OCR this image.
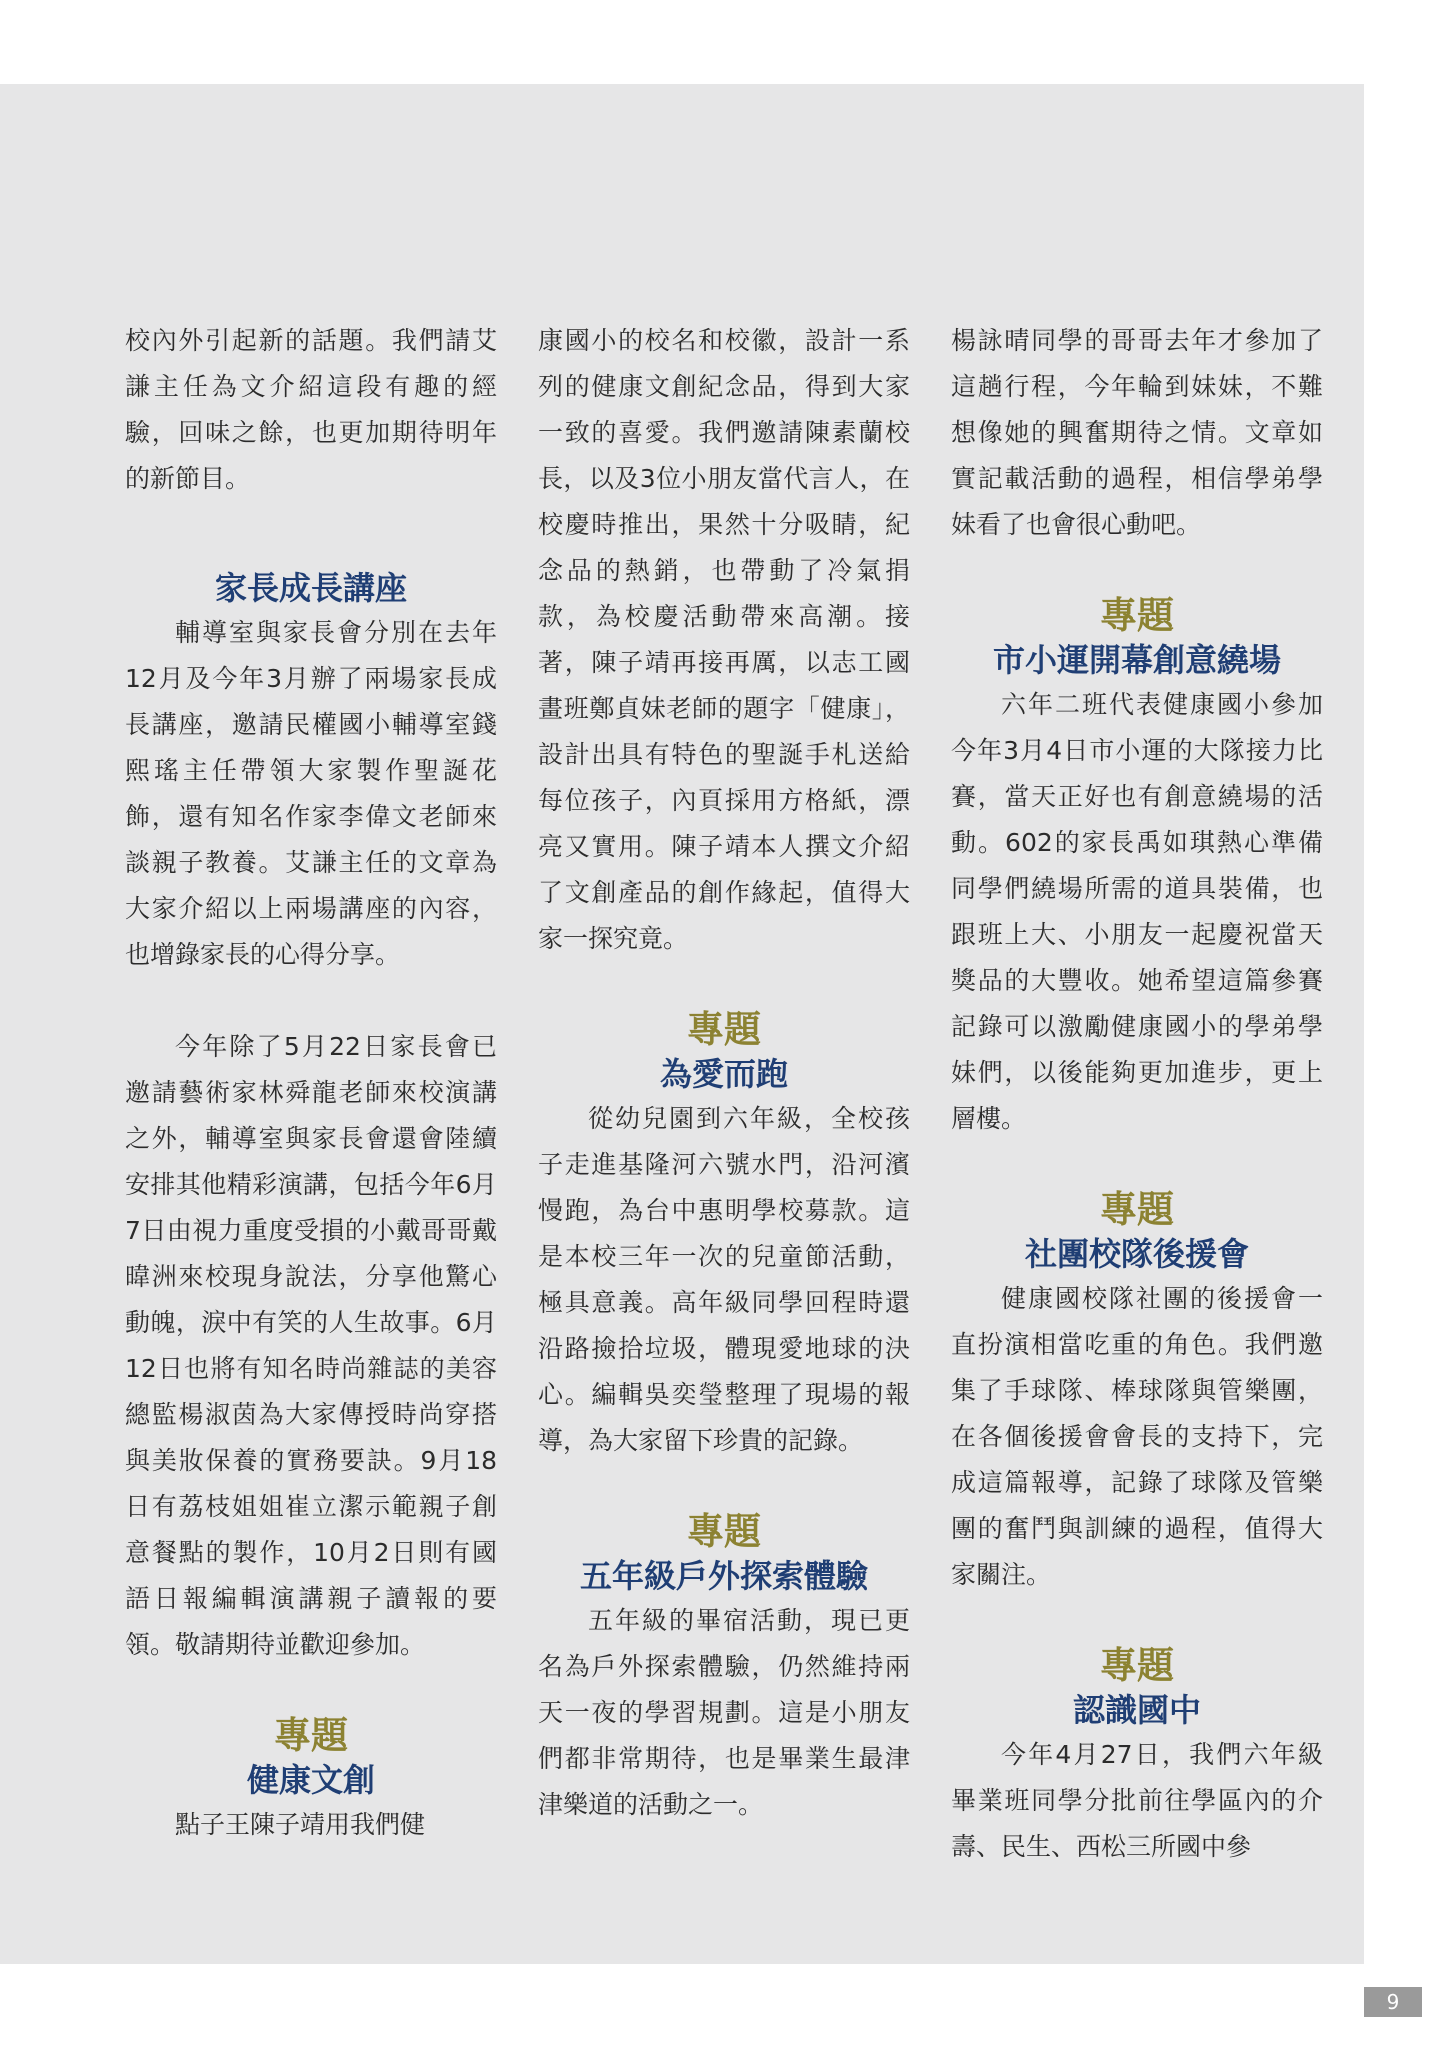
校內外引起新的話題。我們請艾謙主任為文介紹這段有趣的經驗，回味之餘，也更加期待明年的新節目。

家長成長講座

輔導室與家長會分別在去年12月及今年3月辦了兩場家長成長講座，邀請民權國小輔導室錢熙瑤主任帶領大家製作聖誕花飾，還有知名作家李偉文老師來談親子教養。艾謙主任的文章為大家介紹以上兩場講座的內容，也增錄家長的心得分享。

今年除了5月22日家長會已邀請藝術家林舜龍老師來校演講之外，輔導室與家長會還會陸續安排其他精彩演講，包括今年6月7日由視力重度受損的小戴哥哥戴暐洲來校現身說法，分享他驚心動魄，淚中有笑的人生故事。6月12日也將有知名時尚雜誌的美容總監楊淑茵為大家傳授時尚穿搭與美妝保養的實務要訣。9月18日有荔枝姐姐崔立潔示範親子創意餐點的製作，10月2日則有國語日報編輯演講親子讀報的要領。敬請期待並歡迎參加。

專題

健康文創

點子王陳子靖用我們健

康國小的校名和校徽，設計一系列的健康文創紀念品，得到大家一致的喜愛。我們邀請陳素蘭校長，以及3位小朋友當代言人，在校慶時推出，果然十分吸睛，紀念品的熱銷，也帶動了冷氣捐款，為校慶活動帶來高潮。接著，陳子靖再接再厲，以志工國畫班鄭貞妹老師的題字「健康」，設計出具有特色的聖誕手札送給每位孩子，內頁採用方格紙，漂亮又實用。陳子靖本人撰文介紹了文創產品的創作緣起，值得大家一探究竟。

專題

為愛而跑

從幼兒園到六年級，全校孩子走進基隆河六號水門，沿河濱慢跑，為台中惠明學校募款。這是本校三年一次的兒童節活動，極具意義。高年級同學回程時還沿路撿拾垃圾，體現愛地球的決心。編輯吳奕瑩整理了現場的報導，為大家留下珍貴的記錄。

專題

五年級戶外探索體驗

五年級的畢宿活動，現已更名為戶外探索體驗，仍然維持兩天一夜的學習規劃。這是小朋友們都非常期待，也是畢業生最津津樂道的活動之一。

楊詠晴同學的哥哥去年才參加了這趟行程，今年輪到妹妹，不難想像她的興奮期待之情。文章如實記載活動的過程，相信學弟學妹看了也會很心動吧。

專題

市小運開幕創意繞場

六年二班代表健康國小參加今年3月4日市小運的大隊接力比賽，當天正好也有創意繞場的活動。602的家長禹如琪熱心準備同學們繞場所需的道具裝備，也跟班上大、小朋友一起慶祝當天獎品的大豐收。她希望這篇參賽記錄可以激勵健康國小的學弟學妹們，以後能夠更加進步，更上層樓。

專題

社團校隊後援會

健康國校隊社團的後援會一直扮演相當吃重的角色。我們邀集了手球隊、棒球隊與管樂團，在各個後援會會長的支持下，完成這篇報導，記錄了球隊及管樂團的奮鬥與訓練的過程，值得大家關注。

專題

認識國中

今年4月27日，我們六年級畢業班同學分批前往學區內的介壽、民生、西松三所國中參

9
